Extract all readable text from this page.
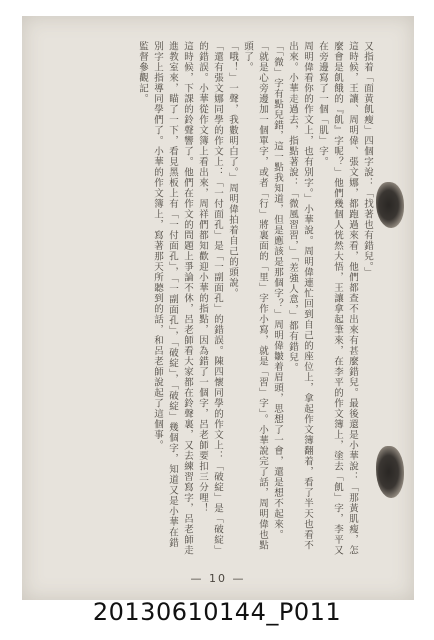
又指着「面黄飢瘦」四個字說：「找著也有錯兒。」
這時候，王讓、周明偉、張文娜，都跑過來看，他們都查不出來有甚麼錯兒。最後還是小華說：「那黃肌瘦，怎麼會是飢餓的『飢』字呢？」他們幾個人恍然大悟，王讓拿起筆來，在李平的作文簿上，塗去「飢」字，李平又在旁邊寫了一個「肌」字。
周明偉看你的作文上，也有別字。」小華說。周明偉連忙回到自己的座位上，拿起作文簿翻着，看了半天也看不出來。小華走過去，指點著說：「微風習習，」「差強人意，」都有錯兒。
「「微」字有點兒錯，這一點我知道，但是應該是那個字？」周明偉皺着眉頭，思想了一會，還是想不起來。
「就是心旁邊加一個單字，或者「行」將裏面的「里」字作小寫，就是「習」字」。小華說完了話，周明偉也點頭了。
「哦！」一聲，我數明白了。」周明偉拍着自己的頭說。
「還有張文娜同學的作文上：「一付面孔」是「一副面孔」的錯誤。陳四懷同學的作文上：「破綻」是「破綻」的錯誤。小華從作文簿上看出來，周祥們都知歡迎小華的指點，因為錯了一個字，呂老師要扣三分哩！
這時候，下課的鈴聲響了。他們在作文的問題上爭論不休，呂老師看大家都在鈴聲裏，又去練習寫字，呂老師走進教室來，瞄了一下，看見黑板上有「一付面孔」，「一副面孔」，「破綻」，「破綻」幾個字，知道又是小華在錯別字上指導同學們了。小華的作文簿上，寫著那天所聽到的話，和呂老師說起了這個事。
監督參觀記。
— 10 —
20130610144_P011
